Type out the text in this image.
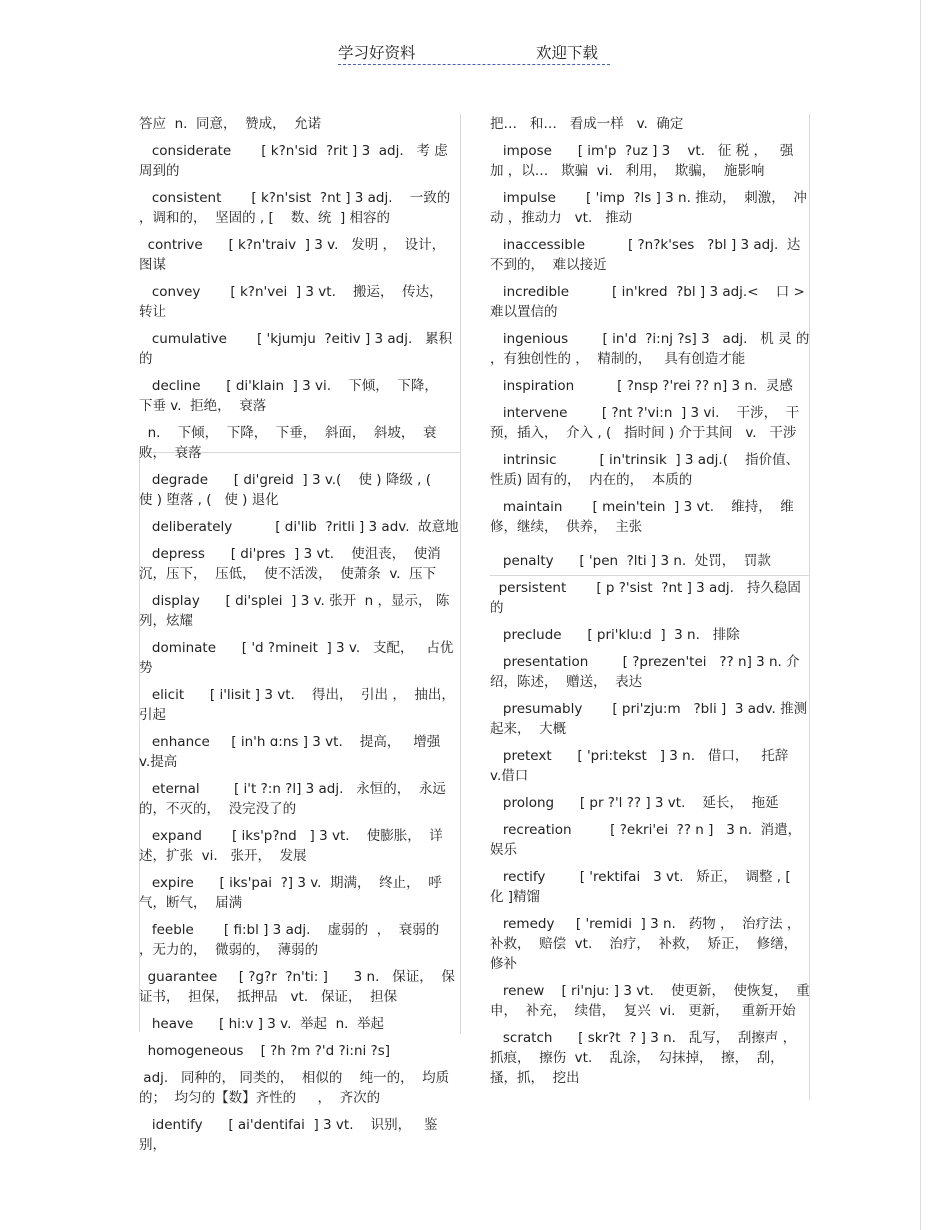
学习好资料	欢迎下载
答应  n.  同意，  赞成，  允诺
considerate       [ k?n'sid  ?rit ] 3  adj.   考 虑 周到的
consistent       [ k?n'sist  ?nt ] 3 adj.    一致的  ，调和的，  坚固的 , [    数、统  ] 相容的
contrive      [ k?n'traiv  ] 3 v.   发明 ，  设计，  图谋
convey       [ k?n'vei  ] 3 vt.    搬运，  传达，  转让
cumulative       [ 'kjumju  ?eitiv ] 3 adj.   累积的
decline      [ di'klain  ] 3 vi.    下倾，  下降，  下垂 v.  拒绝，  衰落
n.    下倾，  下降，  下垂，  斜面，  斜坡，  衰败，  衰落
degrade      [ di'greid  ] 3 v.(    使 ) 降级 , (    使 ) 堕落 , (   使 ) 退化
deliberately          [ di'lib  ?ritli ] 3 adv.  故意地
depress      [ di'pres  ] 3 vt.    使沮丧，  使消沉，压下，  压低，  使不活泼，  使萧条  v.  压下
display      [ di'splei  ] 3 v. 张开  n ，显示， 陈列，炫耀
dominate      [ 'd ?mineit  ] 3 v.   支配，   占优势
elicit      [ i'lisit ] 3 vt.    得出，  引出 ，  抽出，引起
enhance     [ in'h ɑ:ns ] 3 vt.    提高，   增强   v.提高
eternal        [ i't ?:n ?l] 3 adj.   永恒的，  永远的，不灭的，  没完没了的
expand       [ iks'p?nd   ] 3 vt.    使膨胀，  详述，扩张  vi.   张开，  发展
expire      [ iks'pai  ?] 3 v.  期满，  终止，  呼气，断气，  届满
feeble       [ fi:bl ] 3 adj.    虚弱的  ，  衰弱的  ，无力的，  微弱的，  薄弱的
guarantee     [ ?g?r  ?n'ti: ]      3 n.   保证，  保证书，  担保，  抵押品   vt.   保证，  担保
heave      [ hi:v ] 3 v.  举起  n.  举起
homogeneous    [ ?h ?m ?'d ?i:ni ?s]
adj.   同种的， 同类的，  相似的    纯一的，  均质的；  均匀的【数】齐性的     ，  齐次的
identify      [ ai'dentifai  ] 3 vt.    识别，   鉴别，
把…   和…   看成一样   v.  确定
impose      [ im'p  ?uz ] 3    vt.   征 税 ，   强 加 ，以…   欺骗  vi.   利用，  欺骗，  施影响
impulse       [ 'imp  ?ls ] 3 n. 推动，  刺激，  冲动 ，推动力   vt.   推动
inaccessible          [ ?n?k'ses   ?bl ] 3 adj.  达不到的，  难以接近
incredible          [ in'kred  ?bl ] 3 adj.<    口 >难以置信的
ingenious        [ in'd  ?i:nj ?s] 3   adj.   机 灵 的 ，有独创性的 ，  精制的，   具有创造才能
inspiration          [ ?nsp ?'rei ?? n] 3 n.  灵感
intervene        [ ?nt ?'vi:n  ] 3 vi.    干涉，  干预，插入，  介入 , (   指时间 ) 介于其间   v.   干涉
intrinsic          [ in'trinsik  ] 3 adj.(    指价值、  性质) 固有的，  内在的，  本质的
maintain       [ mein'tein  ] 3 vt.    维持，  维修，继续，  供养，  主张
penalty      [ 'pen  ?lti ] 3 n.  处罚，  罚款
persistent       [ p ?'sist  ?nt ] 3 adj.   持久稳固的
preclude      [ pri'klu:d  ]  3 n.   排除
presentation        [ ?prezen'tei   ?? n] 3 n. 介绍，陈述，  赠送，  表达
presumably       [ pri'zju:m   ?bli ]  3 adv. 推测起来，  大概
pretext      [ 'pri:tekst   ] 3 n.   借口，   托辞   v.借口
prolong      [ pr ?'l ?? ] 3 vt.    延长，  拖延
recreation         [ ?ekri'ei  ?? n ]   3 n.  消遣，  娱乐
rectify        [ 'rektifai   3 vt.   矫正，  调整 , [    化 ]精馏
remedy     [ 'remidi  ] 3 n.   药物 ，  治疗法 ，  补救，  赔偿  vt.    治疗，  补救，  矫正，  修缮，  修补
renew    [ ri'nju: ] 3 vt.    使更新，  使恢复，  重申，  补充，  续借，  复兴  vi.   更新，   重新开始
scratch      [ skr?t  ? ] 3 n.   乱写，  刮擦声 ，  抓痕，  擦伤  vt.    乱涂，  勾抹掉，  擦，  刮，  搔，抓，  挖出
